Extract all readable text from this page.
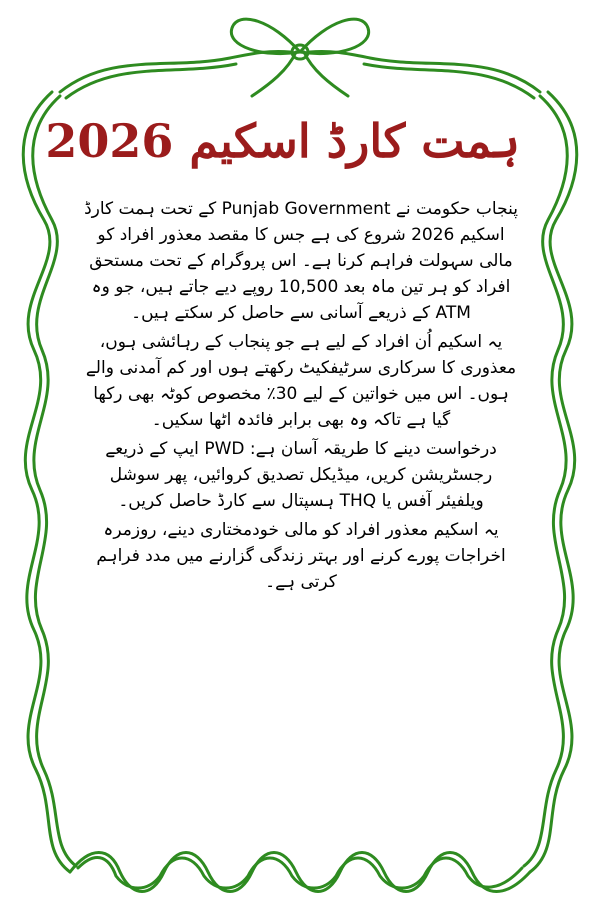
ہمت کارڈ اسکیم 2026

پنجاب حکومت نے Punjab Government کے تحت ہمت کارڈ اسکیم 2026 شروع کی ہے جس کا مقصد معذور افراد کو مالی سہولت فراہم کرنا ہے۔ اس پروگرام کے تحت مستحق افراد کو ہر تین ماہ بعد 10,500 روپے دیے جاتے ہیں، جو وہ ATM کے ذریعے آسانی سے حاصل کر سکتے ہیں۔

یہ اسکیم اُن افراد کے لیے ہے جو پنجاب کے رہائشی ہوں، معذوری کا سرکاری سرٹیفکیٹ رکھتے ہوں اور کم آمدنی والے ہوں۔ اس میں خواتین کے لیے 30٪ مخصوص کوٹہ بھی رکھا گیا ہے تاکہ وہ بھی برابر فائدہ اٹھا سکیں۔

درخواست دینے کا طریقہ آسان ہے: PWD ایپ کے ذریعے رجسٹریشن کریں، میڈیکل تصدیق کروائیں، پھر سوشل ویلفیئر آفس یا THQ ہسپتال سے کارڈ حاصل کریں۔

یہ اسکیم معذور افراد کو مالی خودمختاری دینے، روزمرہ اخراجات پورے کرنے اور بہتر زندگی گزارنے میں مدد فراہم کرتی ہے۔
